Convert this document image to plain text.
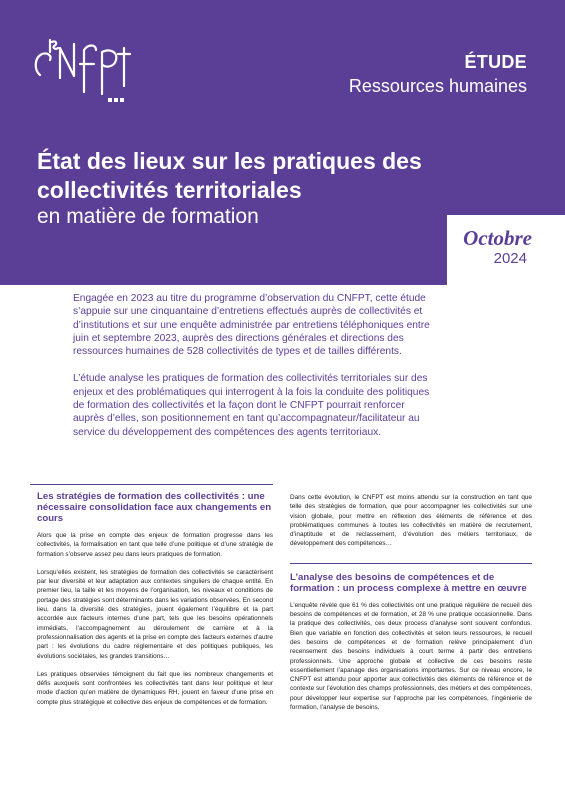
ÉTUDE
Ressources humaines
État des lieux sur les pratiques des collectivités territoriales
en matière de formation
Octobre
2024

Engagée en 2023 au titre du programme d’observation du CNFPT, cette étude s’appuie sur une cinquantaine d’entretiens effectués auprès de collectivités et d’institutions et sur une enquête administrée par entretiens téléphoniques entre juin et septembre 2023, auprès des directions générales et directions des ressources humaines de 528 collectivités de types et de tailles différents.

L’étude analyse les pratiques de formation des collectivités territoriales sur des enjeux et des problématiques qui interrogent à la fois la conduite des politiques de formation des collectivités et la façon dont le CNFPT pourrait renforcer auprès d’elles, son positionnement en tant qu’accompagnateur/facilitateur au service du développement des compétences des agents territoriaux.

Les stratégies de formation des collectivités : une nécessaire consolidation face aux changements en cours

Alors que la prise en compte des enjeux de formation progresse dans les collectivités, la formalisation en tant que telle d’une politique et d’une stratégie de formation s’observe assez peu dans leurs pratiques de formation.

Lorsqu’elles existent, les stratégies de formation des collectivités se caractérisent par leur diversité et leur adaptation aux contextes singuliers de chaque entité. En premier lieu, la taille et les moyens de l’organisation, les niveaux et conditions de portage des stratégies sont déterminants dans les variations observées. En second lieu, dans la diversité des stratégies, jouent également l’équilibre et la part accordée aux facteurs internes d’une part, tels que les besoins opérationnels immédiats, l’accompagnement au déroulement de carrière et à la professionnalisation des agents et la prise en compte des facteurs externes d’autre part : les évolutions du cadre réglementaire et des politiques publiques, les évolutions sociétales, les grandes transitions…

Les pratiques observées témoignent du fait que les nombreux changements et défis auxquels sont confrontées les collectivités tant dans leur politique et leur mode d’action qu’en matière de dynamiques RH, jouent en faveur d’une prise en compte plus stratégique et collective des enjeux de compétences et de formation.

Dans cette évolution, le CNFPT est moins attendu sur la construction en tant que telle des stratégies de formation, que pour accompagner les collectivités sur une vision globale, pour mettre en réflexion des éléments de référence et des problématiques communes à toutes les collectivités en matière de recrutement, d’inaptitude et de reclassement, d’évolution des métiers territoriaux, de développement des compétences…

L’analyse des besoins de compétences et de formation : un process complexe à mettre en œuvre

L’enquête révèle que 61 % des collectivités ont une pratique régulière de recueil des besoins de compétences et de formation, et 28 % une pratique occasionnelle. Dans la pratique des collectivités, ces deux process d’analyse sont souvent confondus. Bien que variable en fonction des collectivités et selon leurs ressources, le recueil des besoins de compétences et de formation relève principalement d’un recensement des besoins individuels à court terme à partir des entretiens professionnels. Une approche globale et collective de ces besoins reste essentiellement l’apanage des organisations importantes. Sur ce niveau encore, le CNFPT est attendu pour apporter aux collectivités des éléments de référence et de contexte sur l’évolution des champs professionnels, des métiers et des compétences, pour développer leur expertise sur l’approche par les compétences, l’ingénierie de formation, l’analyse de besoins.
